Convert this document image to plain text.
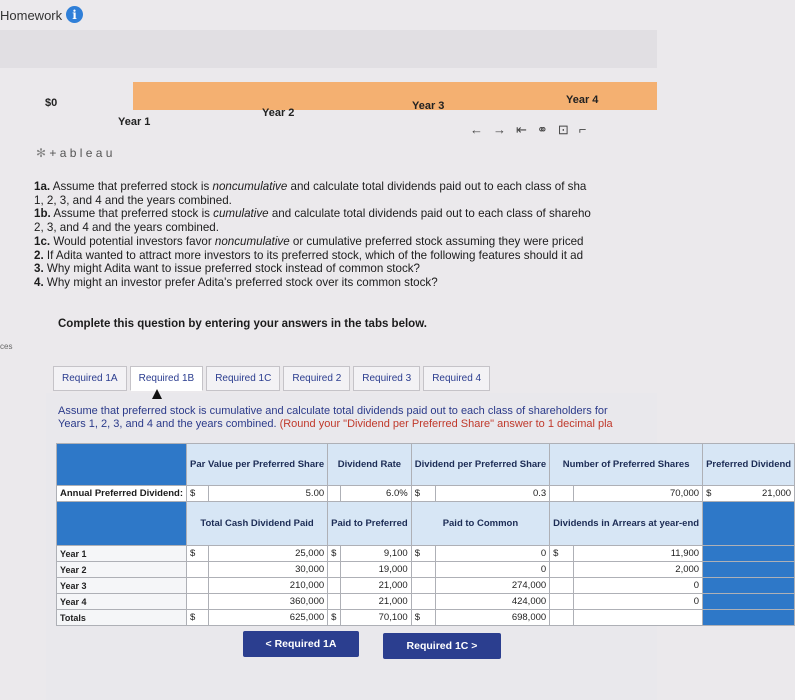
Homework i
$0
Year 1
Year 2
Year 3	Year 4
←→⇤⚭⊡⌐
✻ + a b l e a u
1a. Assume that preferred stock is noncumulative and calculate total dividends paid out to each class of sha
1, 2, 3, and 4 and the years combined.
1b. Assume that preferred stock is cumulative and calculate total dividends paid out to each class of shareho
2, 3, and 4 and the years combined.
1c. Would potential investors favor noncumulative or cumulative preferred stock assuming they were priced
2. If Adita wanted to attract more investors to its preferred stock, which of the following features should it ad
3. Why might Adita want to issue preferred stock instead of common stock?
4. Why might an investor prefer Adita's preferred stock over its common stock?
Complete this question by entering your answers in the tabs below.
ces
Required 1A	Required 1B	Required 1C	Required 2	Required 3	Required 4
Assume that preferred stock is cumulative and calculate total dividends paid out to each class of shareholders for
Years 1, 2, 3, and 4 and the years combined. (Round your "Dividend per Preferred Share" answer to 1 decimal pla
	Par Value per Preferred Share		Dividend Rate		Dividend per Preferred Share		Number of Preferred Shares		Preferred Dividend
Annual Preferred Dividend:	$	5.00		6.0%	$	0.3		70,000	$ 21,000
	Total Cash Dividend Paid		Paid to Preferred		Paid to Common		Dividends in Arrears at year-end		
Year 1	$	25,000	$	9,100	$	0	$	11,900	
Year 2		30,000		19,000		0		2,000	
Year 3		210,000		21,000		274,000		0	
Year 4		360,000		21,000		424,000		0	
Totals	$	625,000	$	70,100	$	698,000			
< Required 1A	Required 1C >
